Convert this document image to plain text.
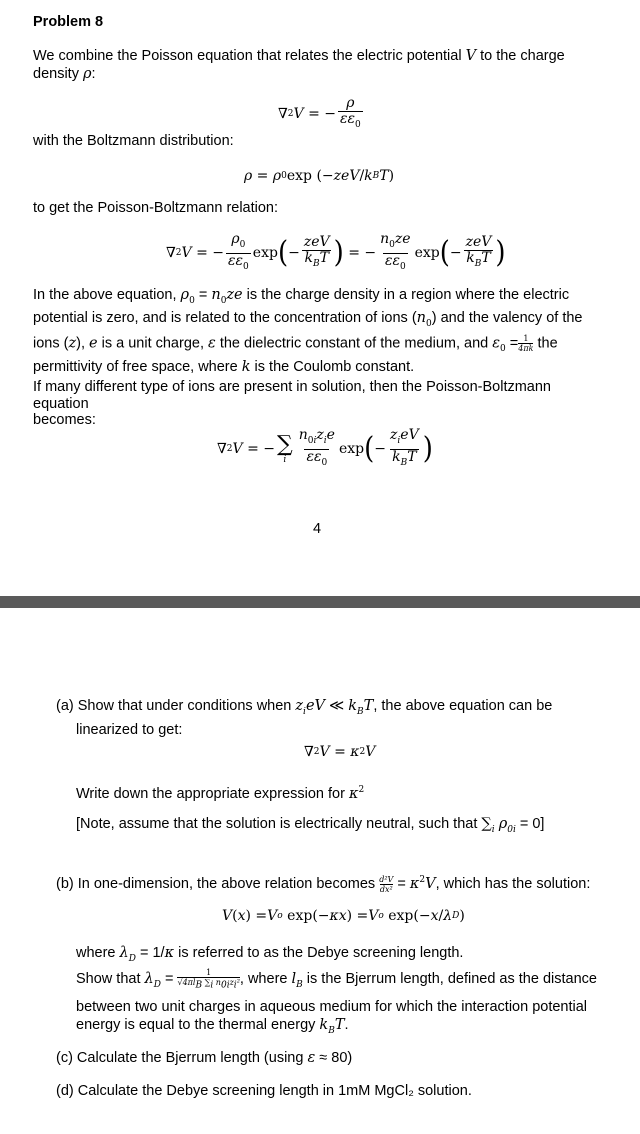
Problem 8
We combine the Poisson equation that relates the electric potential V to the charge
density ρ:
∇ 2 V = − $\frac{\rho}{\varepsilon\varepsilon_0}$
with the Boltzmann distribution:
ρ = ρ 0 exp (− zeV / k B T )
to get the Poisson-Boltzmann relation:
∇ 2 V = − $\frac{\rho_0}{\varepsilon\varepsilon_0}$ exp ( − $\frac{\text{zeV}}{k_BT}$ ) = − $\frac{n_0ze}{\varepsilon\varepsilon_0}$ exp ( − $\frac{\text{zeV}}{k_BT}$ )
In the above equation, $\rho_0 = n_0ze$ is the charge density in a region where the electric
potential is zero, and is related to the concentration of ions $(n_0)$ and the valency of the
ions (z), e is a unit charge, ε the dielectric constant of the medium, and $\varepsilon_0 = \frac{1}{4\pi k}$ the
permittivity of free space, where k is the Coulomb constant.
If many different type of ions are present in solution, then the Poisson-Boltzmann equation
becomes:
∇ 2 V = − ∑
i $\frac{n_{0i}z_ie}{\varepsilon\varepsilon_0}$ exp ( − $\frac{z_ieV}{k_BT}$ )
4
(a) Show that under conditions when $z_ieV$ ≪ $k_BT$, the above equation can be
linearized to get:
∇ 2 V = κ 2 V
Write down the appropriate expression for $\kappa^2$
[Note, assume that the solution is electrically neutral, such that $\sum_i$ $\rho_{0i} = 0$]
(b) In one-dimension, the above relation becomes $\frac{\text{d²V}}{\text{dx²}} = \kappa^2V$, which has the solution:
V ( x ) = V o
exp (− κx ) = V o
exp (− x / λ D )
where $\lambda_D = 1/\kappa$ is referred to as the Debye screening length.
Show that $\lambda_D$ =	1
$√4\pi l_B$ $\sum_i$ $n_{0i}z_i^2$ , where $l_B$ is the Bjerrum length, defined as the distance
between two unit charges in aqueous medium for which the interaction potential
energy is equal to the thermal energy $k_BT$.
(c) Calculate the Bjerrum length (using ε ≈ 80)
(d) Calculate the Debye screening length in 1mM MgCl₂ solution.
